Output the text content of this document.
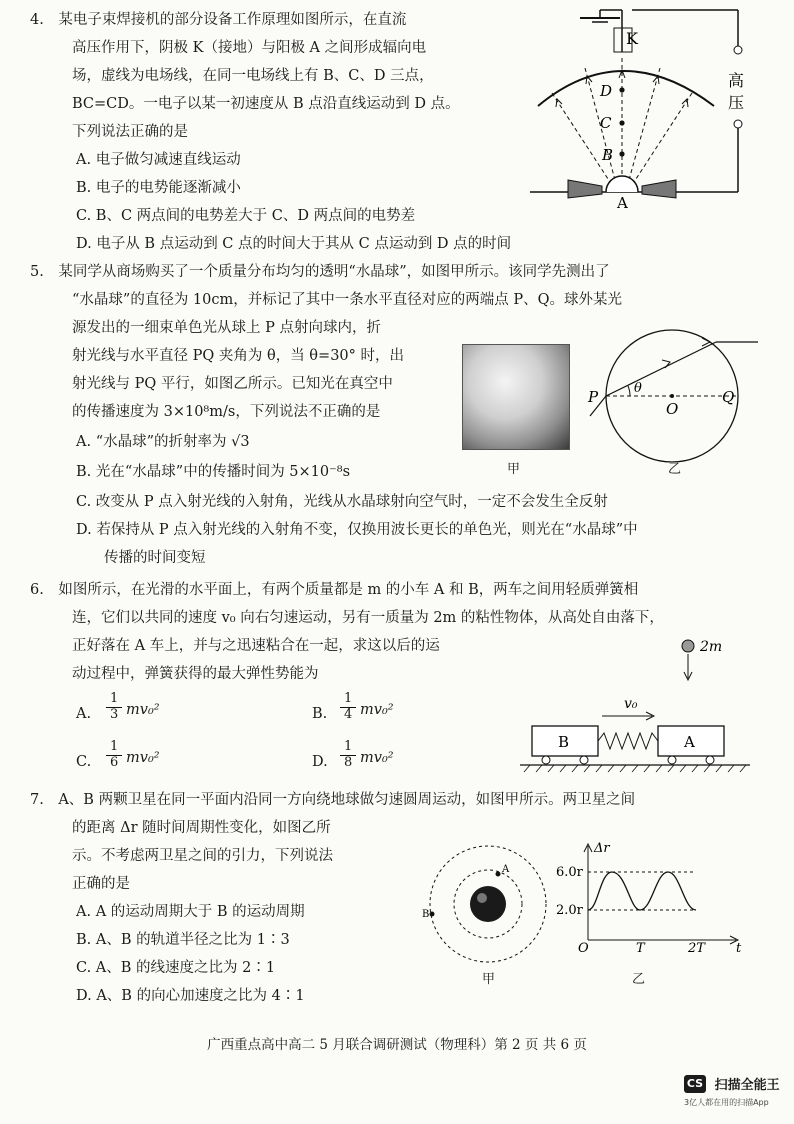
4.　某电子束焊接机的部分设备工作原理如图所示，在直流
高压作用下，阴极 K（接地）与阳极 A 之间形成辐向电
场，虚线为电场线，在同一电场线上有 B、C、D 三点，
BC=CD。一电子以某一初速度从 B 点沿直线运动到 D 点。
下列说法正确的是
A. 电子做匀减速直线运动
B. 电子的电势能逐渐减小
C. B、C 两点间的电势差大于 C、D 两点间的电势差
D. 电子从 B 点运动到 C 点的时间大于其从 C 点运动到 D 点的时间
K
高
压
D
C
B
A
5.　某同学从商场购买了一个质量分布均匀的透明“水晶球”，如图甲所示。该同学先测出了
“水晶球”的直径为 10cm，并标记了其中一条水平直径对应的两端点 P、Q。球外某光
源发出的一细束单色光从球上 P 点射向球内，折
射光线与水平直径 PQ 夹角为 θ，当 θ=30° 时，出
射光线与 PQ 平行，如图乙所示。已知光在真空中
的传播速度为 3×10⁸m/s，下列说法不正确的是
A. “水晶球”的折射率为 √3
B. 光在“水晶球”中的传播时间为 5×10⁻⁸s
C. 改变从 P 点入射光线的入射角，光线从水晶球射向空气时，一定不会发生全反射
D. 若保持从 P 点入射光线的入射角不变，仅换用波长更长的单色光，则光在“水晶球”中
传播的时间变短
甲
θ
P
O
Q
乙
6.　如图所示，在光滑的水平面上，有两个质量都是 m 的小车 A 和 B，两车之间用轻质弹簧相
连，它们以共同的速度 v₀ 向右匀速运动，另有一质量为 2m 的粘性物体，从高处自由落下，
正好落在 A 车上，并与之迅速粘合在一起，求这以后的运
动过程中，弹簧获得的最大弹性势能为
A.
1
3 mv₀²	B.
1
4 mv₀²
C.
1
6 mv₀²	D.
1
8 mv₀²
2m
v₀
B	A
7.　A、B 两颗卫星在同一平面内沿同一方向绕地球做匀速圆周运动，如图甲所示。两卫星之间
的距离 Δr 随时间周期性变化，如图乙所
示。不考虑两卫星之间的引力，下列说法
正确的是
A. A 的运动周期大于 B 的运动周期
B. A、B 的轨道半径之比为 1∶3
C. A、B 的线速度之比为 2∶1
D. A、B 的向心加速度之比为 4∶1
A
B
甲
Δr
6.0r
2.0r
O	T	2T t
乙
广西重点高中高二 5 月联合调研测试（物理科）第 2 页 共 6 页
CS 扫描全能王
3亿人都在用的扫描App
